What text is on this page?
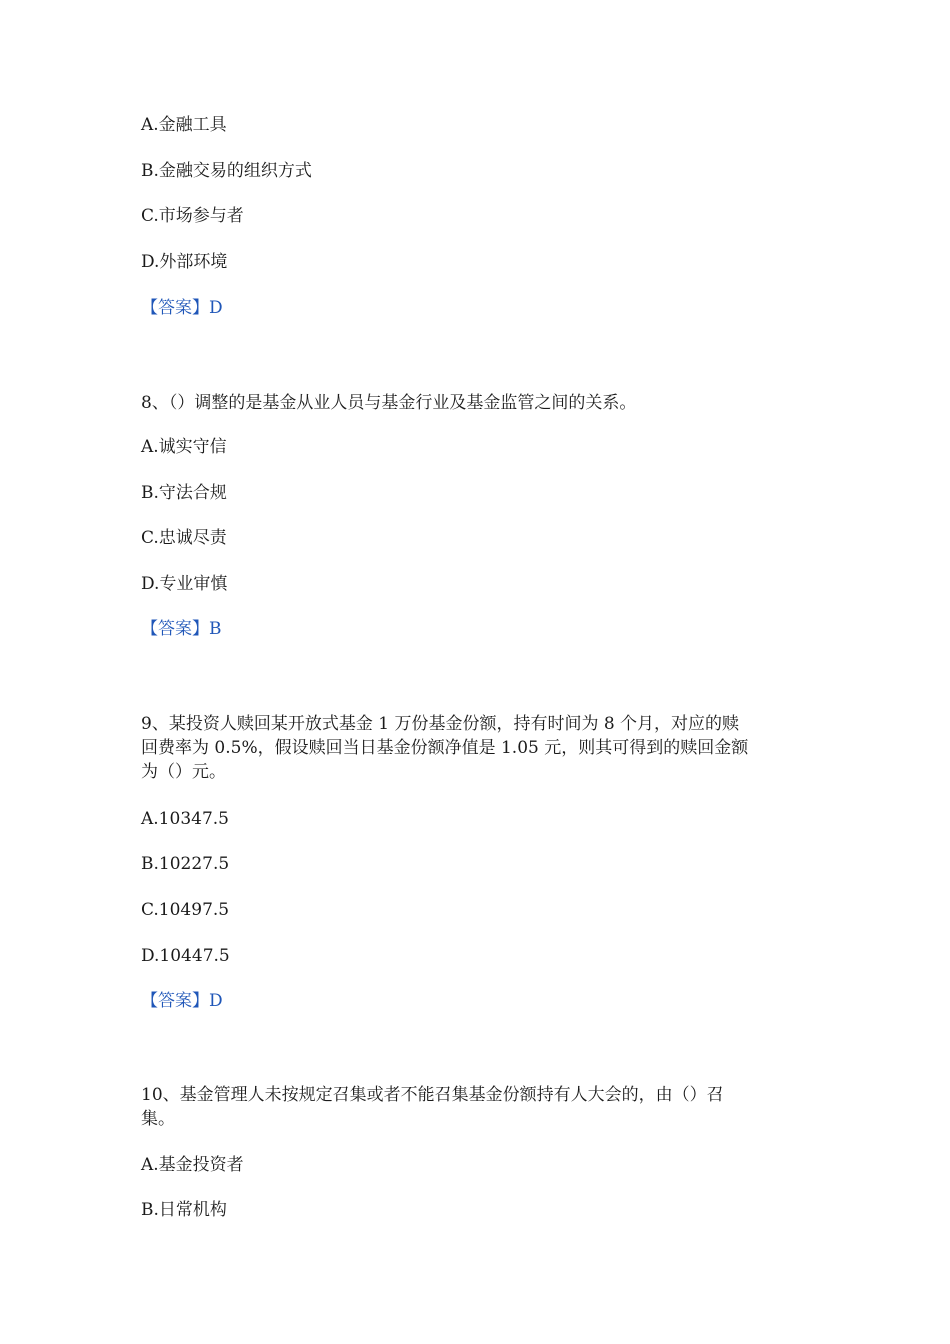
A.金融工具
B.金融交易的组织方式
C.市场参与者
D.外部环境
【答案】D
8、（）调整的是基金从业人员与基金行业及基金监管之间的关系。
A.诚实守信
B.守法合规
C.忠诚尽责
D.专业审慎
【答案】B
9、某投资人赎回某开放式基金 1 万份基金份额，持有时间为 8 个月，对应的赎
回费率为 0.5%，假设赎回当日基金份额净值是 1.05 元，则其可得到的赎回金额
为（）元。
A.10347.5
B.10227.5
C.10497.5
D.10447.5
【答案】D
10、基金管理人未按规定召集或者不能召集基金份额持有人大会的，由（）召
集。
A.基金投资者
B.日常机构
